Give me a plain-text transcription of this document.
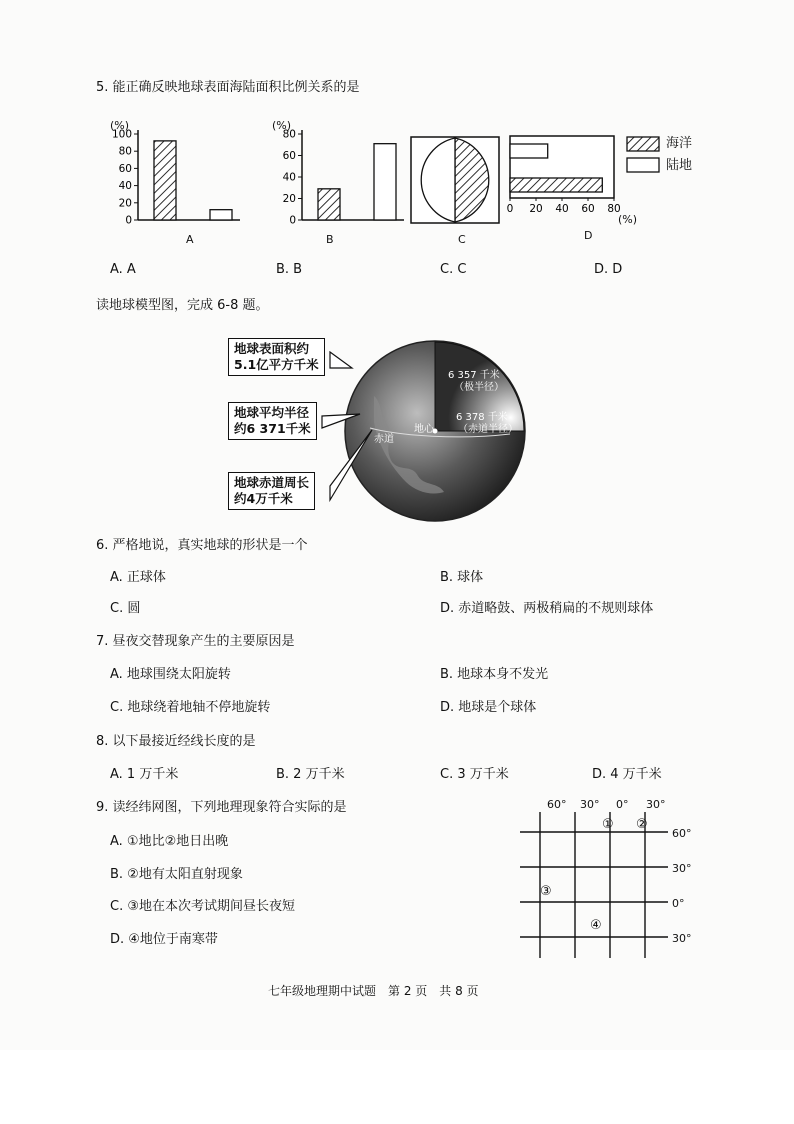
5. 能正确反映地球表面海陆面积比例关系的是
(%)
100
80
60
40
20
0
A
(%)
80
60
40
20
0
B	C
0 20 40 60 80
(%)
D
海洋
陆地
A. A	B. B	C. C	D. D
读地球模型图，完成 6-8 题。
6 357 千米
（极半径）
6 378 千米
（赤道半径）
地心
赤道
地球表面积约
5.1亿平方千米
地球平均半径
约6 371千米
地球赤道周长
约4万千米
6. 严格地说，真实地球的形状是一个
A. 正球体	B. 球体
C. 圆	D. 赤道略鼓、两极稍扁的不规则球体
7. 昼夜交替现象产生的主要原因是
A. 地球围绕太阳旋转	B. 地球本身不发光
C. 地球绕着地轴不停地旋转	D. 地球是个球体
8. 以下最接近经线长度的是
A. 1 万千米	B. 2 万千米	C. 3 万千米	D. 4 万千米
9. 读经纬网图，下列地理现象符合实际的是
A. ①地比②地日出晚
B. ②地有太阳直射现象
C. ③地在本次考试期间昼长夜短
D. ④地位于南寒带
60° 30° 0° 30°
60°
30°
0°
30°
① ②
③
④
七年级地理期中试题　第 2 页　共 8 页
